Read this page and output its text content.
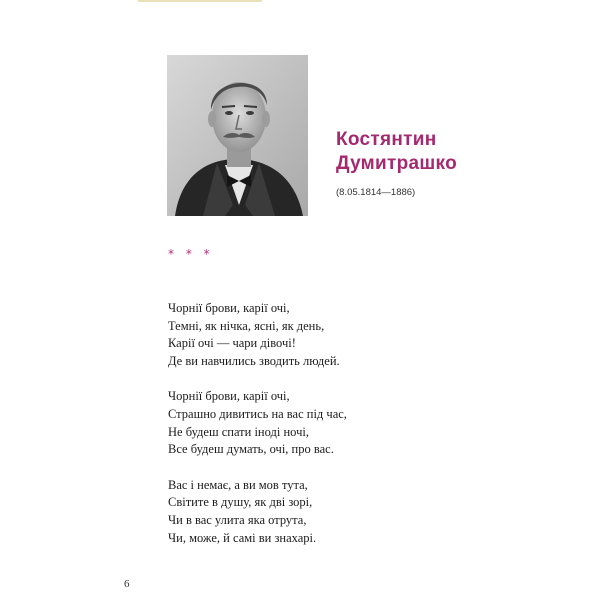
Костянтин
Думитрашко
(8.05.1814—1886)
* * *
Чорнії брови, карії очі,
Темні, як нічка, ясні, як день,
Карії очі — чари дівочі!
Де ви навчились зводить людей.
Чорнії брови, карії очі,
Страшно дивитись на вас під час,
Не будеш спати іноді ночі,
Все будеш думать, очі, про вас.
Вас і немає, а ви мов тута,
Світите в душу, як дві зорі,
Чи в вас улита яка отрута,
Чи, може, й самі ви знахарі.
6
